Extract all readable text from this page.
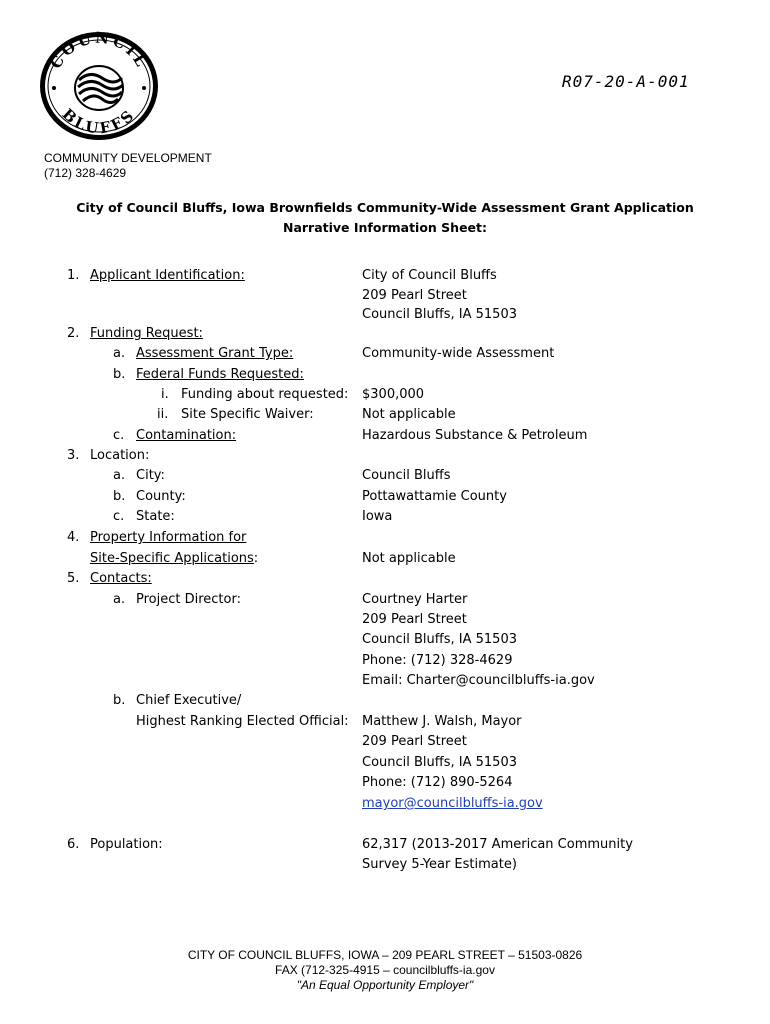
COUNCIL
BLUFFS
R07-20-A-001
COMMUNITY DEVELOPMENT
(712) 328-4629
City of Council Bluffs, Iowa Brownfields Community-Wide Assessment Grant Application
Narrative Information Sheet:
1. Applicant Identification:	City of Council Bluffs
209 Pearl Street
Council Bluffs, IA 51503
2. Funding Request:
a. Assessment Grant Type:	Community-wide Assessment
b. Federal Funds Requested:
i. Funding about requested: $300,000
ii. Site Specific Waiver:	Not applicable
c. Contamination:	Hazardous Substance & Petroleum
3. Location:
a. City:	Council Bluffs
b. County:	Pottawattamie County
c. State:	Iowa
4. Property Information for
Site-Specific Applications:	Not applicable
5. Contacts:
a. Project Director:	Courtney Harter
209 Pearl Street
Council Bluffs, IA 51503
Phone: (712) 328-4629
Email: Charter@councilbluffs-ia.gov
b. Chief Executive/
Highest Ranking Elected Official: Matthew J. Walsh, Mayor
209 Pearl Street
Council Bluffs, IA 51503
Phone: (712) 890-5264
mayor@councilbluffs-ia.gov
6. Population:	62,317 (2013-2017 American Community
Survey 5-Year Estimate)
CITY OF COUNCIL BLUFFS, IOWA – 209 PEARL STREET – 51503-0826
FAX (712-325-4915 – councilbluffs-ia.gov
"An Equal Opportunity Employer"
